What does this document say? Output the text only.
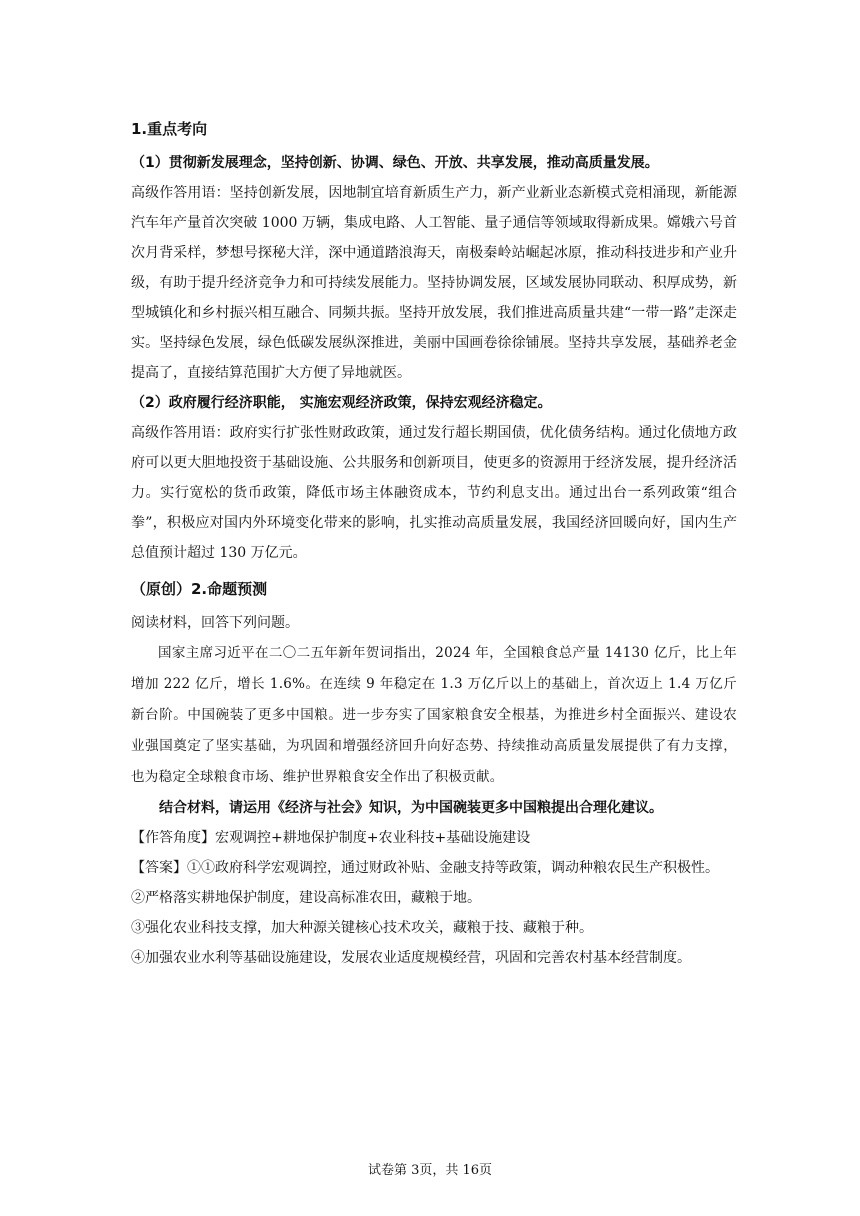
1.重点考向

（1）贯彻新发展理念，坚持创新、协调、绿色、开放、共享发展，推动高质量发展。

高级作答用语：坚持创新发展，因地制宜培育新质生产力，新产业新业态新模式竞相涌现，新能源汽车年产量首次突破 1000 万辆，集成电路、人工智能、量子通信等领域取得新成果。嫦娥六号首次月背采样，梦想号探秘大洋，深中通道踏浪海天，南极秦岭站崛起冰原，推动科技进步和产业升级，有助于提升经济竞争力和可持续发展能力。坚持协调发展，区域发展协同联动、积厚成势，新型城镇化和乡村振兴相互融合、同频共振。坚持开放发展，我们推进高质量共建“一带一路”走深走实。坚持绿色发展，绿色低碳发展纵深推进，美丽中国画卷徐徐铺展。坚持共享发展，基础养老金提高了，直接结算范围扩大方便了异地就医。

（2）政府履行经济职能， 实施宏观经济政策，保持宏观经济稳定。

高级作答用语：政府实行扩张性财政政策，通过发行超长期国债，优化债务结构。通过化债地方政府可以更大胆地投资于基础设施、公共服务和创新项目，使更多的资源用于经济发展，提升经济活力。实行宽松的货币政策，降低市场主体融资成本，节约利息支出。通过出台一系列政策“组合拳”，积极应对国内外环境变化带来的影响，扎实推动高质量发展，我国经济回暖向好，国内生产总值预计超过 130 万亿元。

（原创）2.命题预测

阅读材料，回答下列问题。

国家主席习近平在二〇二五年新年贺词指出，2024 年，全国粮食总产量 14130 亿斤，比上年增加 222 亿斤，增长 1.6%。在连续 9 年稳定在 1.3 万亿斤以上的基础上，首次迈上 1.4 万亿斤新台阶。中国碗装了更多中国粮。进一步夯实了国家粮食安全根基，为推进乡村全面振兴、建设农业强国奠定了坚实基础，为巩固和增强经济回升向好态势、持续推动高质量发展提供了有力支撑，也为稳定全球粮食市场、维护世界粮食安全作出了积极贡献。

结合材料，请运用《经济与社会》知识，为中国碗装更多中国粮提出合理化建议。

【作答角度】宏观调控+耕地保护制度+农业科技+基础设施建设

【答案】①①政府科学宏观调控，通过财政补贴、金融支持等政策，调动种粮农民生产积极性。

②严格落实耕地保护制度，建设高标准农田，藏粮于地。

③强化农业科技支撑，加大种源关键核心技术攻关，藏粮于技、藏粮于种。

④加强农业水利等基础设施建设，发展农业适度规模经营，巩固和完善农村基本经营制度。

试卷第 3页，共 16页
